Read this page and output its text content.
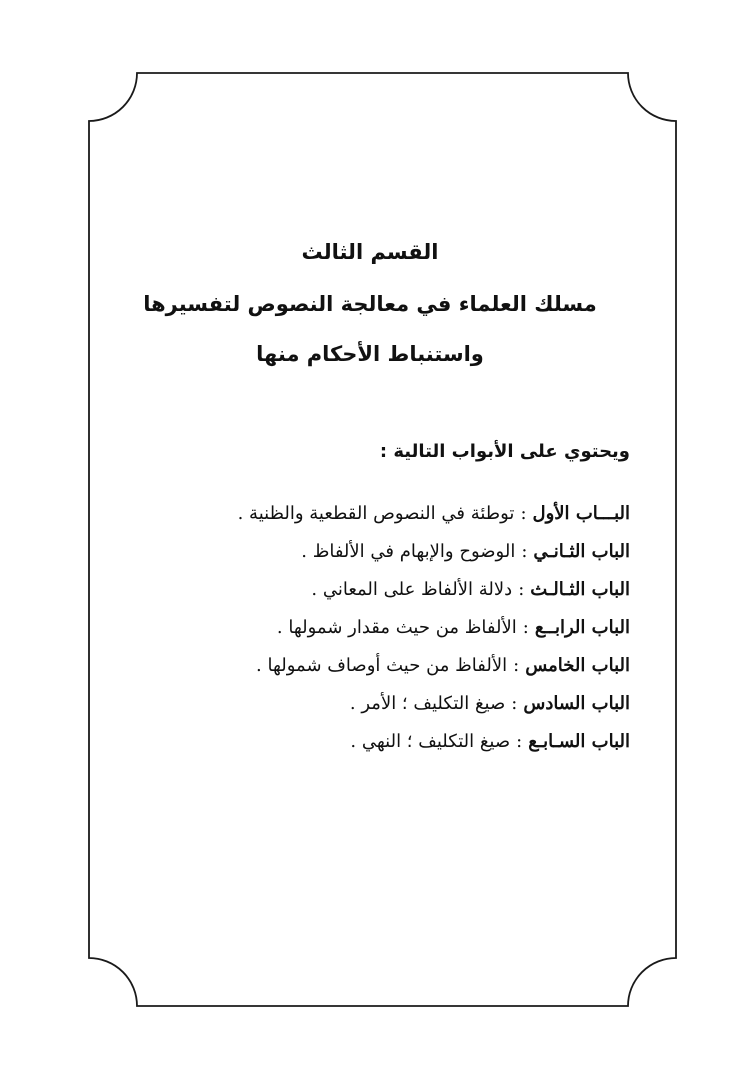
القسم الثالث
مسلك العلماء في معالجة النصوص لتفسيرها
واستنباط الأحكام منها
ويحتوي على الأبواب التالية :
البـــاب الأول:توطئة في النصوص القطعية والظنية .
الباب الثـانـي:الوضوح والإبهام في الألفاظ .
الباب الثـالـث:دلالة الألفاظ على المعاني .
الباب الرابــع:الألفاظ من حيث مقدار شمولها .
الباب الخامس:الألفاظ من حيث أوصاف شمولها .
الباب السادس:صيغ التكليف ؛ الأمر .
الباب السـابـع:صيغ التكليف ؛ النهي .
